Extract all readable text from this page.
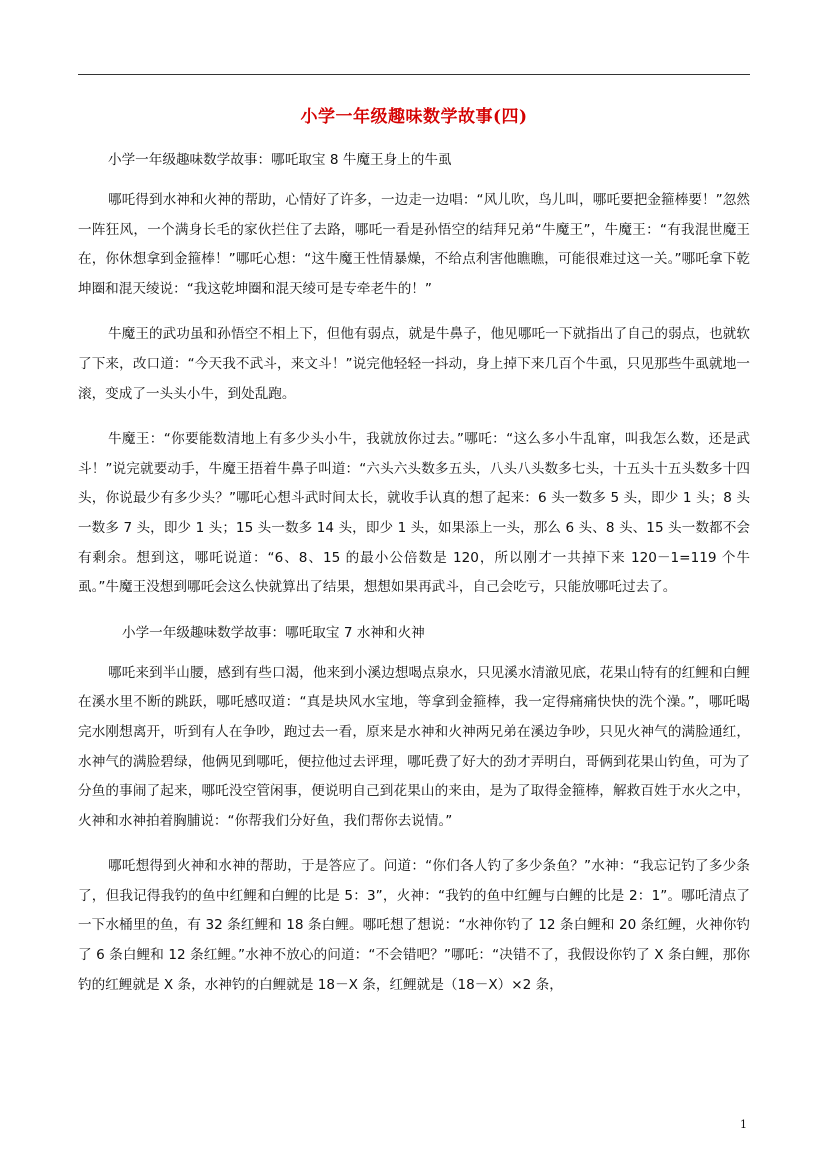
小学一年级趣味数学故事(四)

小学一年级趣味数学故事：哪吒取宝 8 牛魔王身上的牛虱

哪吒得到水神和火神的帮助，心情好了许多，一边走一边唱：“风儿吹，鸟儿叫，哪吒要把金箍棒要！”忽然一阵狂风，一个满身长毛的家伙拦住了去路，哪吒一看是孙悟空的结拜兄弟“牛魔王”，牛魔王：“有我混世魔王在，你休想拿到金箍棒！”哪吒心想：“这牛魔王性情暴燥，不给点利害他瞧瞧，可能很难过这一关。”哪吒拿下乾坤圈和混天绫说：“我这乾坤圈和混天绫可是专牵老牛的！”

牛魔王的武功虽和孙悟空不相上下，但他有弱点，就是牛鼻子，他见哪吒一下就指出了自己的弱点，也就软了下来，改口道：“今天我不武斗，来文斗！”说完他轻轻一抖动，身上掉下来几百个牛虱，只见那些牛虱就地一滚，变成了一头头小牛，到处乱跑。

牛魔王：“你要能数清地上有多少头小牛，我就放你过去。”哪吒：“这么多小牛乱窜，叫我怎么数，还是武斗！”说完就要动手，牛魔王捂着牛鼻子叫道：“六头六头数多五头，八头八头数多七头，十五头十五头数多十四头，你说最少有多少头？”哪吒心想斗武时间太长，就收手认真的想了起来：6 头一数多 5 头，即少 1 头；8 头一数多 7 头，即少 1 头；15 头一数多 14 头，即少 1 头，如果添上一头，那么 6 头、8 头、15 头一数都不会有剩余。想到这，哪吒说道：“6、8、15 的最小公倍数是 120，所以刚才一共掉下来 120－1=119 个牛虱。”牛魔王没想到哪吒会这么快就算出了结果，想想如果再武斗，自己会吃亏，只能放哪吒过去了。

小学一年级趣味数学故事：哪吒取宝 7 水神和火神

哪吒来到半山腰，感到有些口渴，他来到小溪边想喝点泉水，只见溪水清澈见底，花果山特有的红鲤和白鲤在溪水里不断的跳跃，哪吒感叹道：“真是块风水宝地，等拿到金箍棒，我一定得痛痛快快的洗个澡。”，哪吒喝完水刚想离开，听到有人在争吵，跑过去一看，原来是水神和火神两兄弟在溪边争吵，只见火神气的满脸通红，水神气的满脸碧绿，他俩见到哪吒，便拉他过去评理，哪吒费了好大的劲才弄明白，哥俩到花果山钓鱼，可为了分鱼的事闹了起来，哪吒没空管闲事，便说明自己到花果山的来由，是为了取得金箍棒，解救百姓于水火之中，火神和水神拍着胸脯说：“你帮我们分好鱼，我们帮你去说情。”

哪吒想得到火神和水神的帮助，于是答应了。问道：“你们各人钓了多少条鱼？”水神：“我忘记钓了多少条了，但我记得我钓的鱼中红鲤和白鲤的比是 5：3”，火神：“我钓的鱼中红鲤与白鲤的比是 2：1”。哪吒清点了一下水桶里的鱼，有 32 条红鲤和 18 条白鲤。哪吒想了想说：“水神你钓了 12 条白鲤和 20 条红鲤，火神你钓了 6 条白鲤和 12 条红鲤。”水神不放心的问道：“不会错吧？”哪吒：“决错不了，我假设你钓了 X 条白鲤，那你钓的红鲤就是 X 条，水神钓的白鲤就是 18－X 条，红鲤就是（18－X）×2 条，

1
